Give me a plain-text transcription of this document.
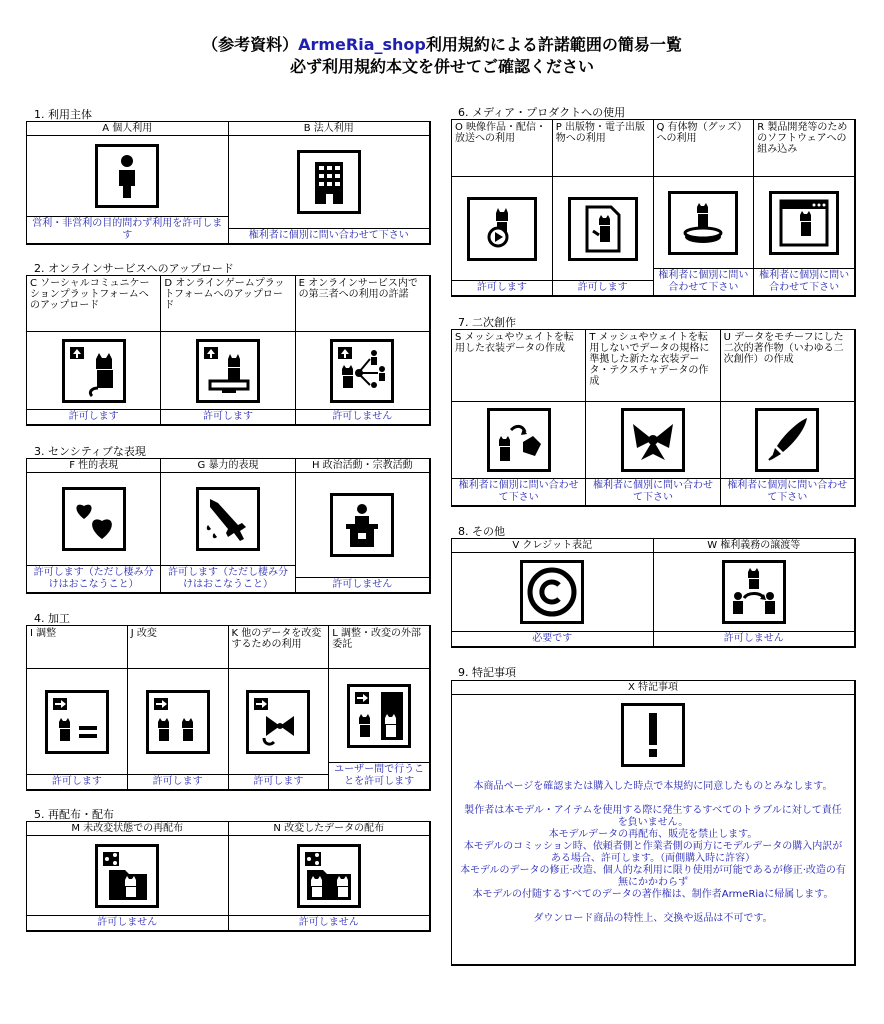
（参考資料）ArmeRia_shop利用規約による許諾範囲の簡易一覧
必ず利用規約本文を併せてご確認ください
1. 利用主体
A 個人利用
営利・非営利の目的問わず利用を許可します
B 法人利用
権利者に個別に問い合わせて下さい
2. オンラインサービスへのアップロード
C ソーシャルコミュニケーションプラットフォームへのアップロード
許可します
D オンラインゲームプラットフォームへのアップロード
許可します
E オンラインサービス内での第三者への利用の許諾
許可しません
3. センシティブな表現
F 性的表現
許可します（ただし棲み分けはおこなうこと）
G 暴力的表現
許可します（ただし棲み分けはおこなうこと）
H 政治活動・宗教活動
許可しません
4. 加工
I 調整
許可します
J 改変
許可します
K 他のデータを改変するための利用
許可します
L 調整・改変の外部委託
ユーザー間で行うことを許可します
5. 再配布・配布
M 未改変状態での再配布
許可しません
N 改変したデータの配布
許可しません
6. メディア・プロダクトへの使用
O 映像作品・配信・放送への利用
許可します
P 出版物・電子出版物への利用
許可します
Q 有体物（グッズ）への利用
権利者に個別に問い合わせて下さい
R 製品開発等のためのソフトウェアへの組み込み
権利者に個別に問い合わせて下さい
7. 二次創作
S メッシュやウェイトを転用した衣装データの作成
権利者に個別に問い合わせて下さい
T メッシュやウェイトを転用しないでデータの規格に準拠した新たな衣装データ・テクスチャデータの作成
権利者に個別に問い合わせて下さい
U データをモチーフにした二次的著作物（いわゆる二次創作）の作成
権利者に個別に問い合わせて下さい
8. その他
V クレジット表記
必要です
W 権利義務の譲渡等
許可しません
9. 特記事項
X 特記事項

本商品ページを確認または購入した時点で本規約に同意したものとみなします。

製作者は本モデル・アイテムを使用する際に発生するすべてのトラブルに対して責任を負いません。
本モデルデータの再配布、販売を禁止します。
本モデルのコミッション時、依頼者側と作業者側の両方にモデルデータの購入内訳がある場合、許可します。（両側購入時に許容）
本モデルのデータの修正·改造、個人的な利用に限り使用が可能であるが修正·改造の有無にかかわらず

本モデルの付随するすべてのデータの著作権は、制作者ArmeRiaに帰属します。

ダウンロード商品の特性上、交換や返品は不可です。
